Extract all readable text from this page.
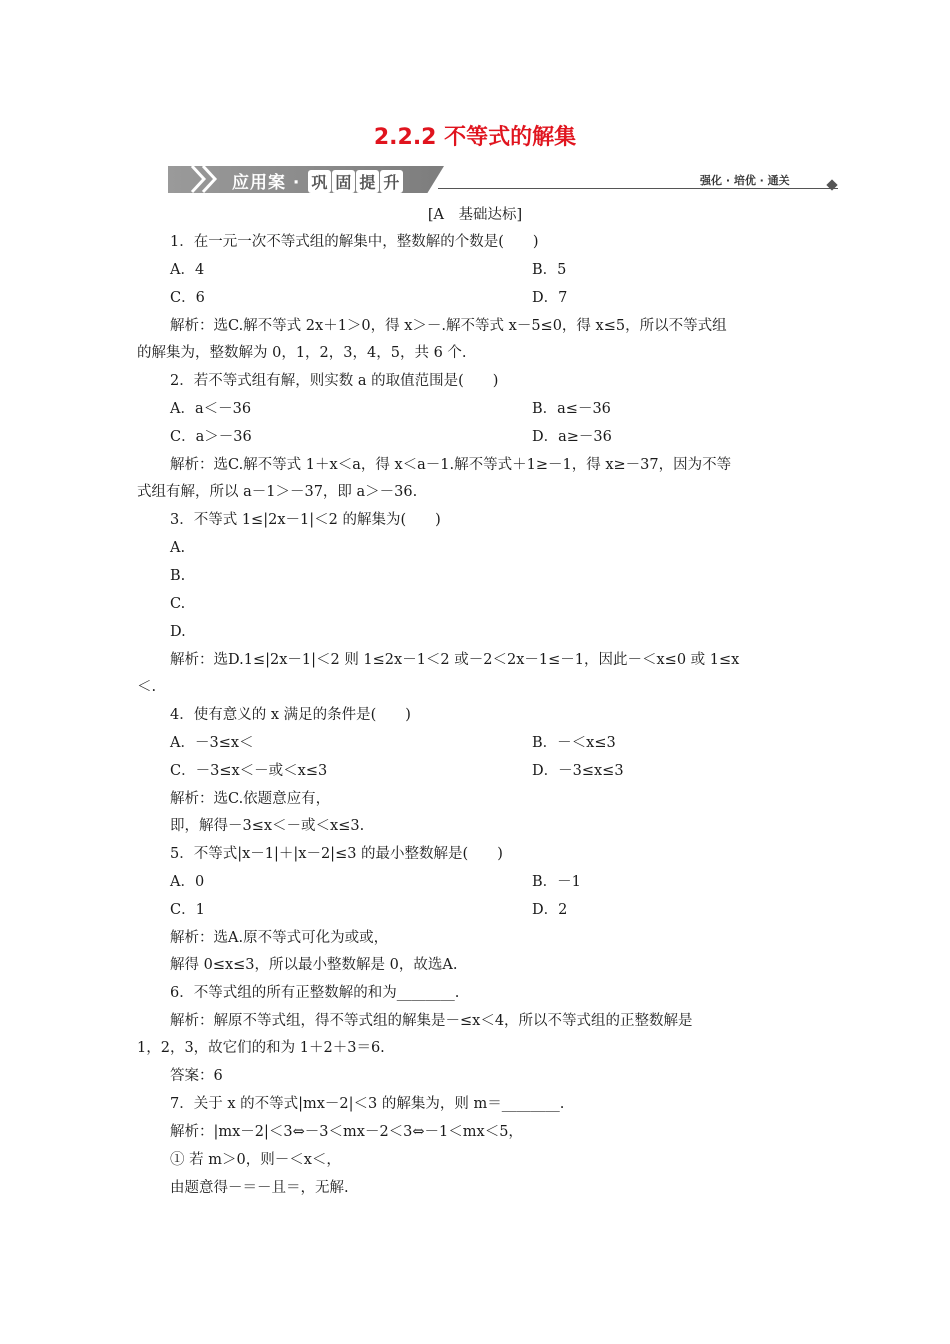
2.2.2 不等式的解集
应用案 · 巩 固 提 升	强化 · 培优 · 通关
[A　基础达标]
1．在一元一次不等式组的解集中，整数解的个数是(　　)
A．4	B．5
C．6	D．7
解析：选C.解不等式 2x＋1＞0，得 x＞－.解不等式 x－5≤0，得 x≤5，所以不等式组
的解集为，整数解为 0，1，2，3，4，5，共 6 个.
2．若不等式组有解，则实数 a 的取值范围是(　　)
A．a＜－36	B．a≤－36
C．a＞－36	D．a≥－36
解析：选C.解不等式 1＋x＜a，得 x＜a－1.解不等式＋1≥－1，得 x≥－37，因为不等
式组有解，所以 a－1＞－37，即 a＞－36.
3．不等式 1≤|2x－1|＜2 的解集为(　　)
A.
B.
C.
D.
解析：选D.1≤|2x－1|＜2 则 1≤2x－1＜2 或－2＜2x－1≤－1，因此－＜x≤0 或 1≤x
＜.
4．使有意义的 x 满足的条件是(　　)
A．－3≤x＜	B．－＜x≤3
C．－3≤x＜－或＜x≤3	D．－3≤x≤3
解析：选C.依题意应有，
即，解得－3≤x＜－或＜x≤3.
5．不等式|x－1|＋|x－2|≤3 的最小整数解是(　　)
A．0	B．－1
C．1	D．2
解析：选A.原不等式可化为或或，
解得 0≤x≤3，所以最小整数解是 0，故选A.
6．不等式组的所有正整数解的和为________.
解析：解原不等式组，得不等式组的解集是－≤x＜4，所以不等式组的正整数解是
1，2，3，故它们的和为 1＋2＋3＝6.
答案：6
7．关于 x 的不等式|mx－2|＜3 的解集为，则 m＝________.
解析：|mx－2|＜3⇔－3＜mx－2＜3⇔－1＜mx＜5，
① 若 m＞0，则－＜x＜，
由题意得－＝－且＝，无解.
